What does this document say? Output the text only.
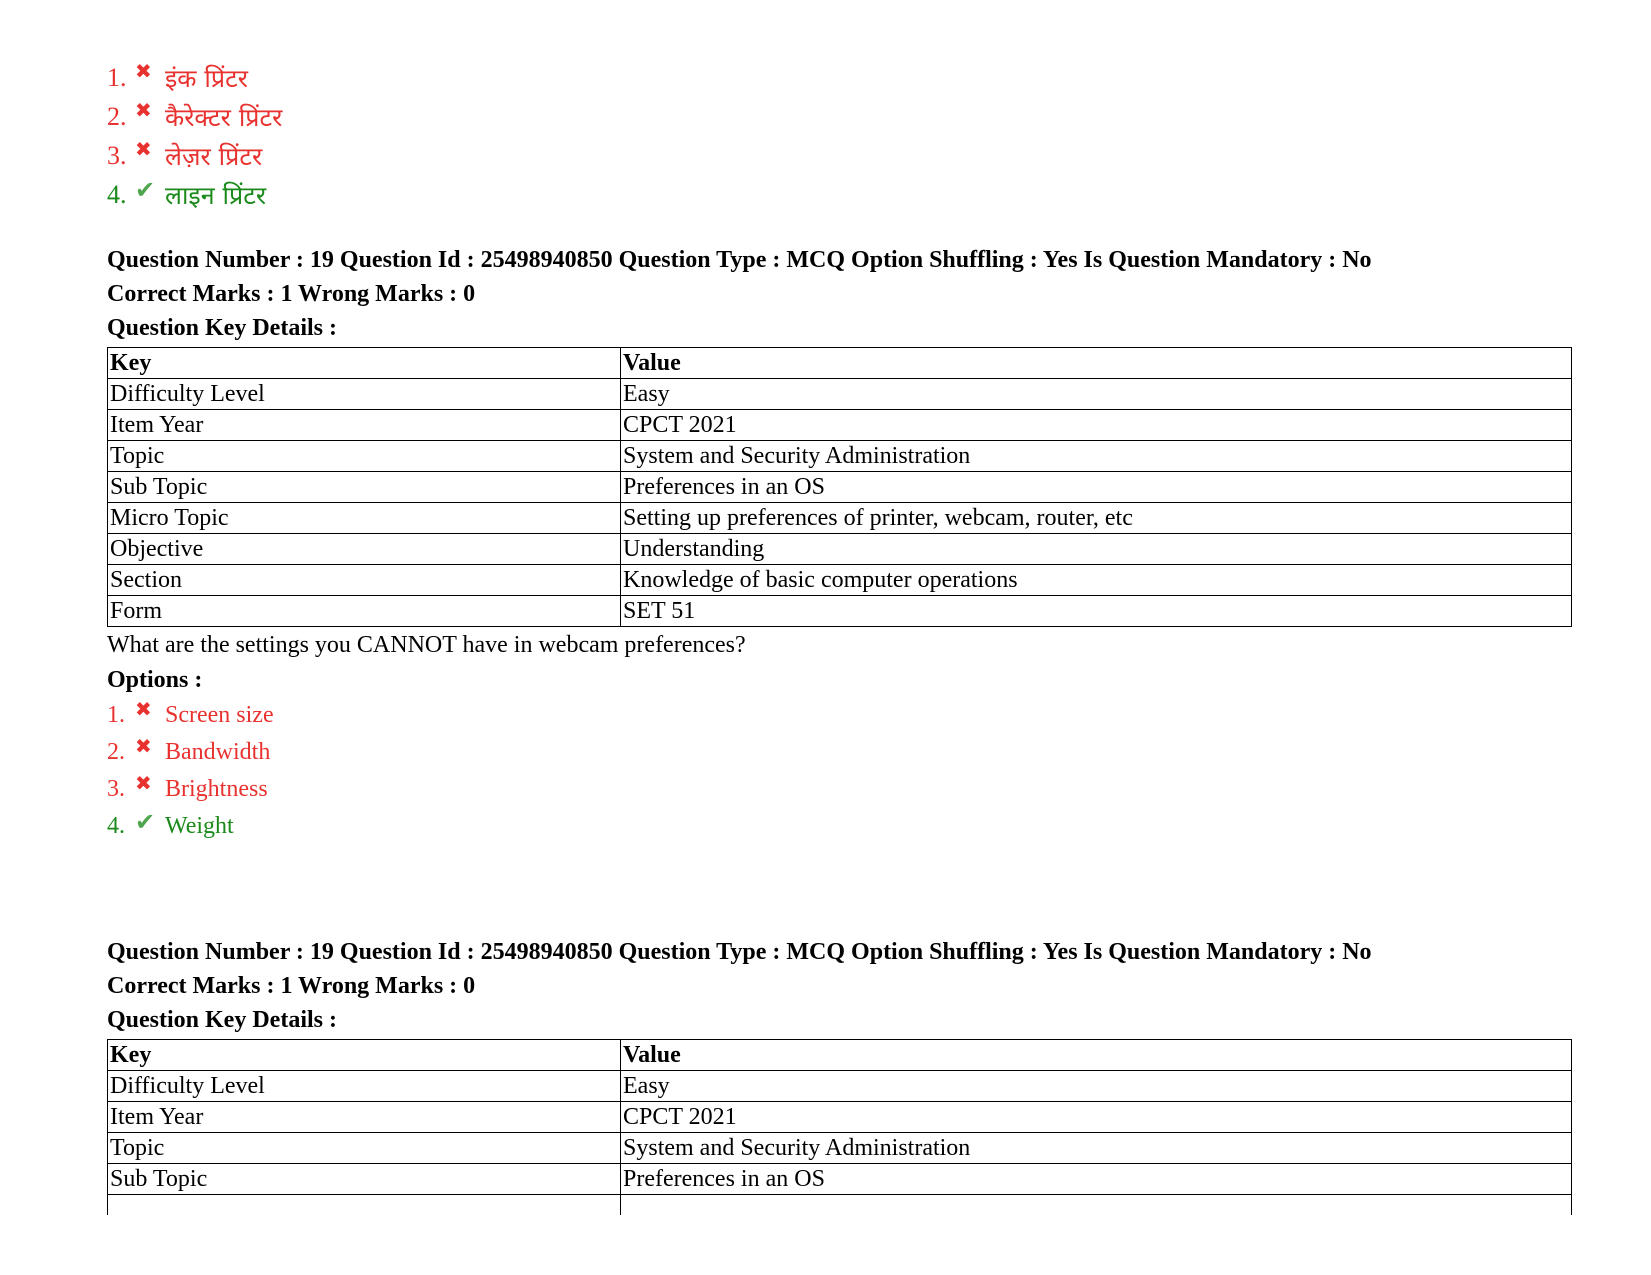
1. ✖ इंक प्रिंटर
2. ✖ कैरेक्टर प्रिंटर
3. ✖ लेज़र प्रिंटर
4. ✔ लाइन प्रिंटर
Question Number : 19 Question Id : 25498940850 Question Type : MCQ Option Shuffling : Yes Is Question Mandatory : No
Correct Marks : 1 Wrong Marks : 0
Question Key Details :
Key	Value
Difficulty Level	Easy
Item Year	CPCT 2021
Topic	System and Security Administration
Sub Topic	Preferences in an OS
Micro Topic	Setting up preferences of printer, webcam, router, etc
Objective	Understanding
Section	Knowledge of basic computer operations
Form	SET 51
What are the settings you CANNOT have in webcam preferences?
Options :
1. ✖ Screen size
2. ✖ Bandwidth
3. ✖ Brightness
4. ✔ Weight
Question Number : 19 Question Id : 25498940850 Question Type : MCQ Option Shuffling : Yes Is Question Mandatory : No
Correct Marks : 1 Wrong Marks : 0
Question Key Details :
Key	Value
Difficulty Level	Easy
Item Year	CPCT 2021
Topic	System and Security Administration
Sub Topic	Preferences in an OS
